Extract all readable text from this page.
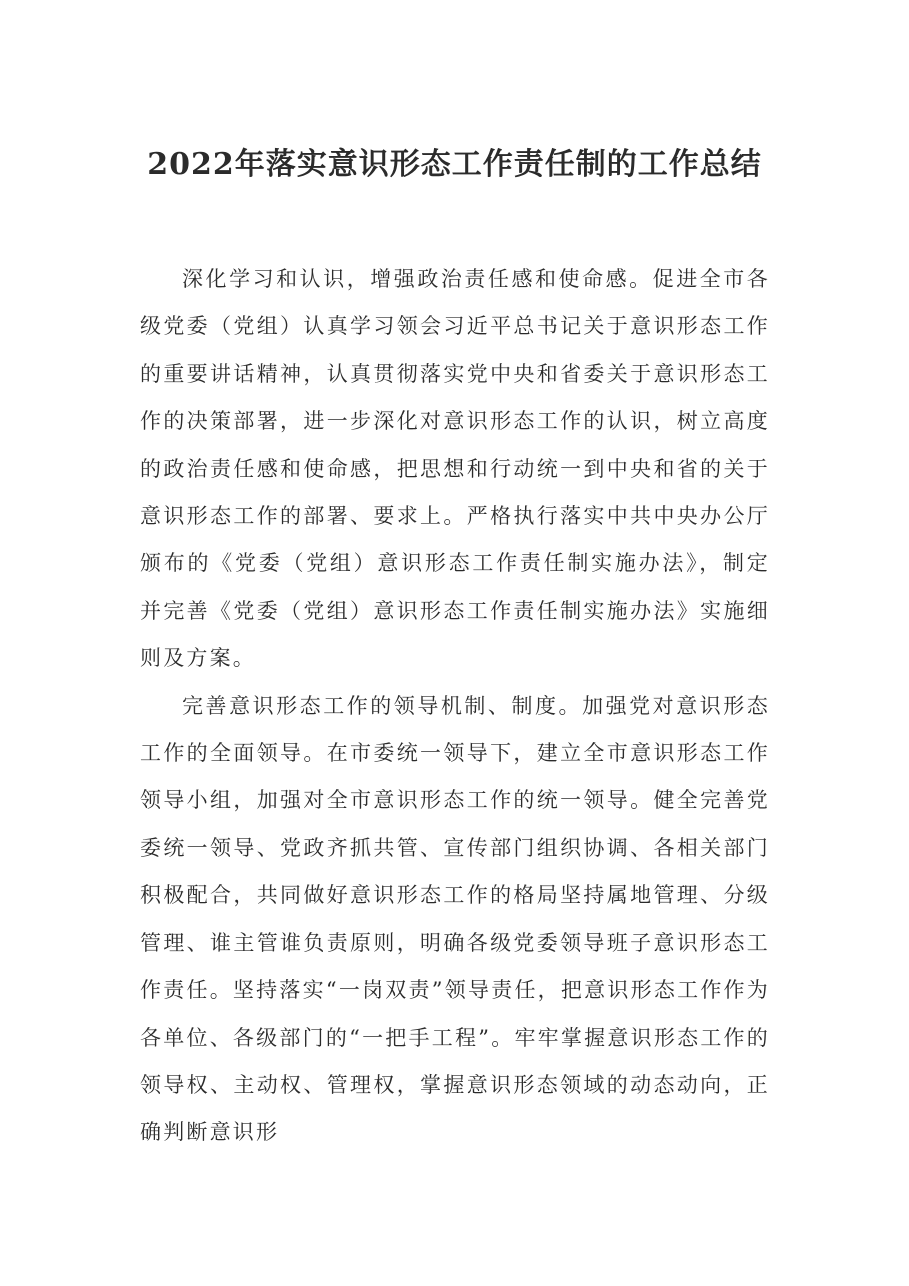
2022年落实意识形态工作责任制的工作总结

深化学习和认识，增强政治责任感和使命感。促进全市各级党委（党组）认真学习领会习近平总书记关于意识形态工作的重要讲话精神，认真贯彻落实党中央和省委关于意识形态工作的决策部署，进一步深化对意识形态工作的认识，树立高度的政治责任感和使命感，把思想和行动统一到中央和省的关于意识形态工作的部署、要求上。严格执行落实中共中央办公厅颁布的《党委（党组）意识形态工作责任制实施办法》，制定并完善《党委（党组）意识形态工作责任制实施办法》实施细则及方案。

完善意识形态工作的领导机制、制度。加强党对意识形态工作的全面领导。在市委统一领导下，建立全市意识形态工作领导小组，加强对全市意识形态工作的统一领导。健全完善党委统一领导、党政齐抓共管、宣传部门组织协调、各相关部门积极配合，共同做好意识形态工作的格局坚持属地管理、分级管理、谁主管谁负责原则，明确各级党委领导班子意识形态工作责任。坚持落实“一岗双责”领导责任，把意识形态工作作为各单位、各级部门的“一把手工程”。牢牢掌握意识形态工作的领导权、主动权、管理权，掌握意识形态领域的动态动向，正确判断意识形
